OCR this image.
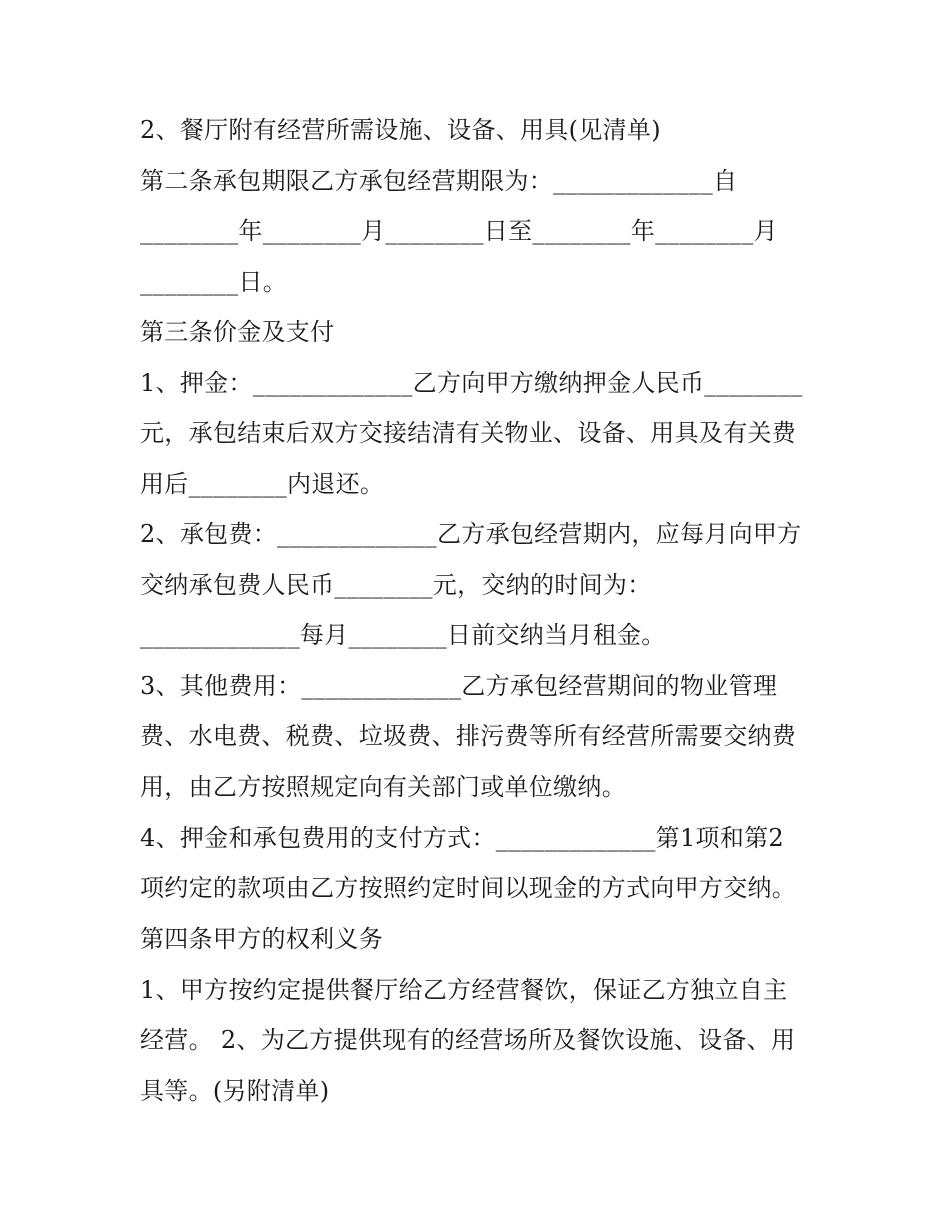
2、餐厅附有经营所需设施、设备、用具(见清单)
第二条承包期限乙方承包经营期限为：_____________自
________年________月________日至________年________月
________日。
第三条价金及支付
1、押金：_____________乙方向甲方缴纳押金人民币________
元，承包结束后双方交接结清有关物业、设备、用具及有关费
用后________内退还。
2、承包费：_____________乙方承包经营期内，应每月向甲方
交纳承包费人民币________元，交纳的时间为：
_____________每月________日前交纳当月租金。
3、其他费用：_____________乙方承包经营期间的物业管理
费、水电费、税费、垃圾费、排污费等所有经营所需要交纳费
用，由乙方按照规定向有关部门或单位缴纳。
4、押金和承包费用的支付方式：_____________第1项和第2
项约定的款项由乙方按照约定时间以现金的方式向甲方交纳。
第四条甲方的权利义务
1、甲方按约定提供餐厅给乙方经营餐饮，保证乙方独立自主
经营。 2、为乙方提供现有的经营场所及餐饮设施、设备、用
具等。(另附清单)
